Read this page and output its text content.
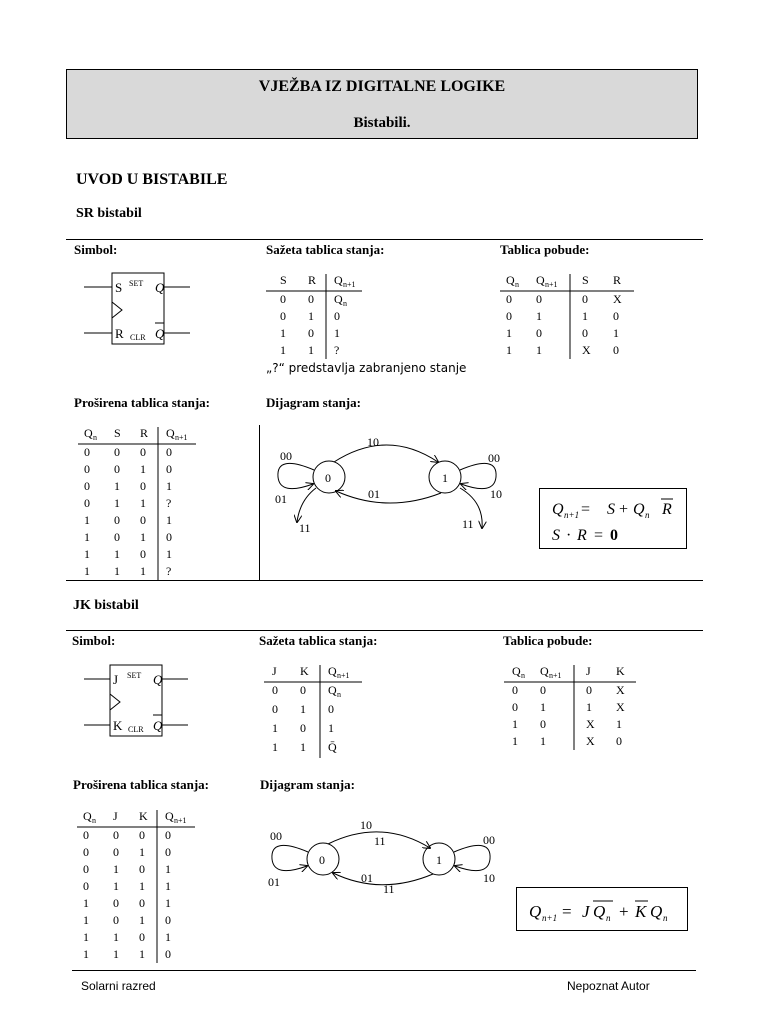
VJEŽBA IZ DIGITALNE LOGIKE
Bistabili.
UVOD U BISTABILE
SR bistabil
Simbol:	Sažeta tablica stanja:	Tablica pobude:
S
R
SET
CLR
Q
Q
S R Q n+1
0 0 Q n
0 1 0
1 0 1
1 1 ?
„?“ predstavlja zabranjeno stanje
Q n Q n+1 S R
0 0	0 X
0 1	1 0
1 0	0 1
1 1	X 0
Proširena tablica stanja:	Dijagram stanja:
Q n S R Q n+1
0 0 0 0
0 0 1 0
0 1 0 1
0 1 1 ?
1 0 0 1
1 0 1 0
1 1 0 1
1 1 1 ?
0	1
10
01
00	00
01
11
10
11
Q n+1 = S + Q n R
S · R = 0
JK bistabil
Simbol:	Sažeta tablica stanja:	Tablica pobude:
J
K
SET
CLR
Q
Q
J K Q n+1
0 0 Q n
0 1 0
1 0 1
1 1 Q̄
Q n Q n+1 J K
0 0	0 X
0 1	1 X
1 0	X 1
1 1	X 0
Proširena tablica stanja:	Dijagram stanja:
Q n J K Q n+1
0 0 0 0
0 0 1 0
0 1 0 1
0 1 1 1
1 0 0 1
1 0 1 0
1 1 0 1
1 1 1 0
0	1
10
11
01
11
00	00
01	10
Q n+1 = J Q n + K Q n
Solarni razred	Nepoznat Autor
